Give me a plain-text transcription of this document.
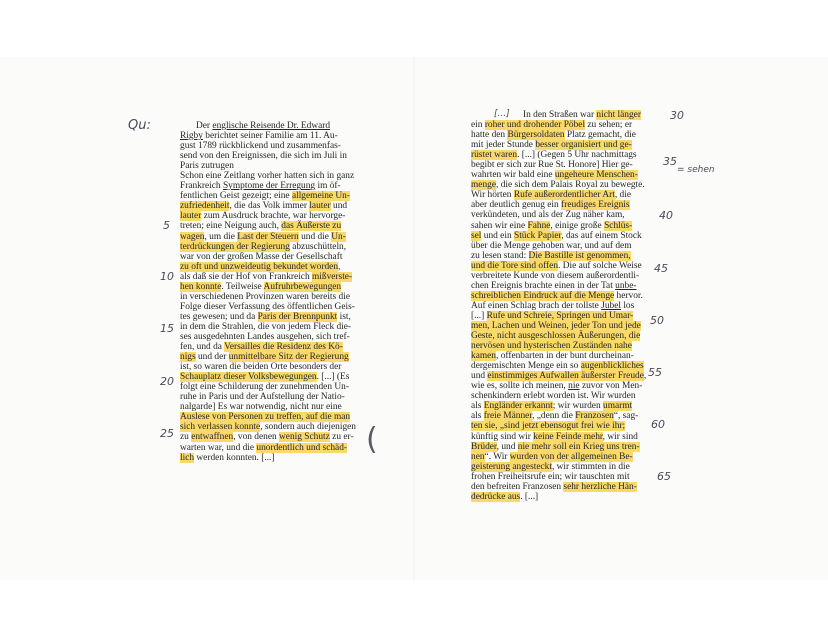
Der englische Reisende Dr. Edward
Rigby berichtet seiner Familie am 11. Au-
gust 1789 rückblickend und zusammenfas-
send von den Ereignissen, die sich im Juli in
Paris zutrugen
Schon eine Zeitlang vorher hatten sich in ganz
Frankreich Symptome der Erregung im öf-
fentlichen Geist gezeigt; eine allgemeine Un-
zufriedenheit, die das Volk immer lauter und
lauter zum Ausdruck brachte, war hervorge-
treten; eine Neigung auch, das Äußerste zu
wagen, um die Last der Steuern und die Un-
terdrückungen der Regierung abzuschütteln,
war von der großen Masse der Gesellschaft
zu oft und unzweideutig bekundet worden,
als daß sie der Hof von Frankreich mißverste-
hen konnte. Teilweise Aufruhrbewegungen
in verschiedenen Provinzen waren bereits die
Folge dieser Verfassung des öffentlichen Geis-
tes gewesen; und da Paris der Brennpunkt ist,
in dem die Strahlen, die von jedem Fleck die-
ses ausgedehnten Landes ausgehen, sich tref-
fen, und da Versailles die Residenz des Kö-
nigs und der unmittelbare Sitz der Regierung
ist, so waren die beiden Orte besonders der
Schauplatz dieser Volksbewegungen. [...] (Es
folgt eine Schilderung der zunehmenden Un-
ruhe in Paris und der Aufstellung der Natio-
nalgarde] Es war notwendig, nicht nur eine
Auslese von Personen zu treffen, auf die man
sich verlassen konnte, sondern auch diejenigen
zu entwaffnen, von denen wenig Schutz zu er-
warten war, und die unordentlich und schäd-
lich werden konnten. [...]
In den Straßen war nicht länger
ein roher und drohender Pöbel zu sehen; er
hatte den Bürgersoldaten Platz gemacht, die
mit jeder Stunde besser organisiert und ge-
rüstet waren. [...] (Gegen 5 Uhr nachmittags
begibt er sich zur Rue St. Honore] Hier ge-
wahrten wir bald eine ungeheure Menschen-
menge, die sich dem Palais Royal zu bewegte.
Wir hörten Rufe außerordentlicher Art, die
aber deutlich genug ein freudiges Ereignis
verkündeten, und als der Zug näher kam,
sahen wir eine Fahne, einige große Schlüs-
sel und ein Stück Papier, das auf einem Stock
über die Menge gehoben war, und auf dem
zu lesen stand: Die Bastille ist genommen,
und die Tore sind offen. Die auf solche Weise
verbreitete Kunde von diesem außerordentli-
chen Ereignis brachte einen in der Tat unbe-
schreiblichen Eindruck auf die Menge hervor.
Auf einen Schlag brach der tollste Jubel los
[...] Rufe und Schreie, Springen und Umar-
men, Lachen und Weinen, jeder Ton und jede
Geste, nicht ausgeschlossen Äußerungen, die
nervösen und hysterischen Zuständen nahe
kamen, offenbarten in der bunt durcheinan-
dergemischten Menge ein so augenblickliches
und einstimmiges Aufwallen äußerster Freude,
wie es, sollte ich meinen, nie zuvor von Men-
schenkindern erlebt worden ist. Wir wurden
als Engländer erkannt; wir wurden umarmt
als freie Männer, „denn die Franzosen“, sag-
ten sie, „sind jetzt ebensogut frei wie ihr;
künftig sind wir keine Feinde mehr, wir sind
Brüder, und nie mehr soll ein Krieg uns tren-
nen“. Wir wurden von der allgemeinen Be-
geisterung angesteckt, wir stimmten in die
frohen Freiheitsrufe ein; wir tauschten mit
den befreiten Franzosen sehr herzliche Hän-
dedrücke aus. [...]
Qu:
[...]
= sehen
(
5
10
15
20
25
30
35
40
45
50
55
60
65
